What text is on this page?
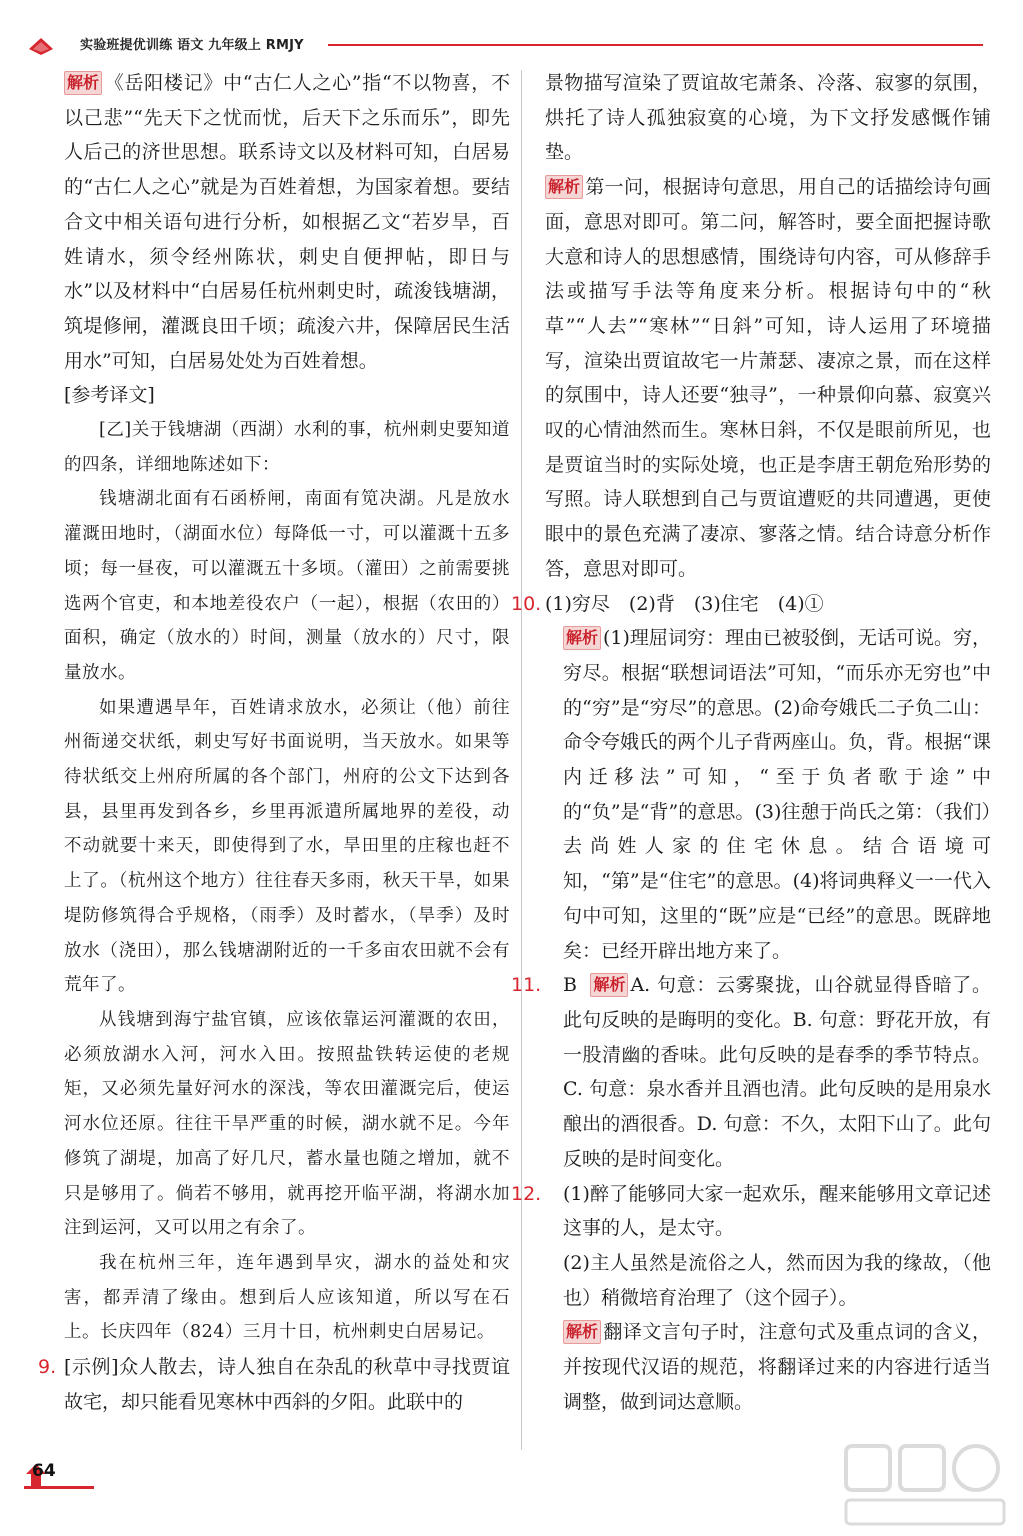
实验班提优训练 语文 九年级上 RMJY

解析 《岳阳楼记》中“古仁人之心”指“不以物喜，不以己悲”“先天下之忧而忧，后天下之乐而乐”，即先人后己的济世思想。联系诗文以及材料可知，白居易的“古仁人之心”就是为百姓着想，为国家着想。要结合文中相关语句进行分析，如根据乙文“若岁旱，百姓请水，须令经州陈状，刺史自便押帖，即日与水”以及材料中“白居易任杭州刺史时，疏浚钱塘湖，筑堤修闸，灌溉良田千顷；疏浚六井，保障居民生活用水”可知，白居易处处为百姓着想。

[参考译文]

[乙]关于钱塘湖（西湖）水利的事，杭州刺史要知道的四条，详细地陈述如下：

钱塘湖北面有石函桥闸，南面有笕决湖。凡是放水灌溉田地时，（湖面水位）每降低一寸，可以灌溉十五多顷；每一昼夜，可以灌溉五十多顷。（灌田）之前需要挑选两个官吏，和本地差役农户（一起），根据（农田的）面积，确定（放水的）时间，测量（放水的）尺寸，限量放水。

如果遭遇旱年，百姓请求放水，必须让（他）前往州衙递交状纸，刺史写好书面说明，当天放水。如果等待状纸交上州府所属的各个部门，州府的公文下达到各县，县里再发到各乡，乡里再派遣所属地界的差役，动不动就要十来天，即使得到了水，旱田里的庄稼也赶不上了。（杭州这个地方）往往春天多雨，秋天干旱，如果堤防修筑得合乎规格，（雨季）及时蓄水，（旱季）及时放水（浇田），那么钱塘湖附近的一千多亩农田就不会有荒年了。

从钱塘到海宁盐官镇，应该依靠运河灌溉的农田，必须放湖水入河，河水入田。按照盐铁转运使的老规矩，又必须先量好河水的深浅，等农田灌溉完后，使运河水位还原。往往干旱严重的时候，湖水就不足。今年修筑了湖堤，加高了好几尺，蓄水量也随之增加，就不只是够用了。倘若不够用，就再挖开临平湖，将湖水加注到运河，又可以用之有余了。

我在杭州三年，连年遇到旱灾，湖水的益处和灾害，都弄清了缘由。想到后人应该知道，所以写在石上。长庆四年（824）三月十日，杭州刺史白居易记。

9. [示例]众人散去，诗人独自在杂乱的秋草中寻找贾谊故宅，却只能看见寒林中西斜的夕阳。此联中的

景物描写渲染了贾谊故宅萧条、冷落、寂寥的氛围，烘托了诗人孤独寂寞的心境，为下文抒发感慨作铺垫。

解析 第一问，根据诗句意思，用自己的话描绘诗句画面，意思对即可。第二问，解答时，要全面把握诗歌大意和诗人的思想感情，围绕诗句内容，可从修辞手法或描写手法等角度来分析。根据诗句中的“秋草”“人去”“寒林”“日斜”可知，诗人运用了环境描写，渲染出贾谊故宅一片萧瑟、凄凉之景，而在这样的氛围中，诗人还要“独寻”，一种景仰向慕、寂寞兴叹的心情油然而生。寒林日斜，不仅是眼前所见，也是贾谊当时的实际处境，也正是李唐王朝危殆形势的写照。诗人联想到自己与贾谊遭贬的共同遭遇，更使眼中的景色充满了凄凉、寥落之情。结合诗意分析作答，意思对即可。

10. (1)穷尽　(2)背　(3)住宅　(4)①

解析 (1)理屈词穷：理由已被驳倒，无话可说。穷，穷尽。根据“联想词语法”可知，“而乐亦无穷也”中的“穷”是“穷尽”的意思。(2)命夸娥氏二子负二山：命令夸娥氏的两个儿子背两座山。负，背。根据“课内迁移法”可知，“至于负者歌于途”中的“负”是“背”的意思。(3)往憩于尚氏之第：（我们）去尚姓人家的住宅休息。结合语境可知，“第”是“住宅”的意思。(4)将词典释义一一代入句中可知，这里的“既”应是“已经”的意思。既辟地矣：已经开辟出地方来了。

11.	B 解析 A. 句意：云雾聚拢，山谷就显得昏暗了。此句反映的是晦明的变化。B. 句意：野花开放，有一股清幽的香味。此句反映的是春季的季节特点。C. 句意：泉水香并且酒也清。此句反映的是用泉水酿出的酒很香。D. 句意：不久，太阳下山了。此句反映的是时间变化。

12.	(1)醉了能够同大家一起欢乐，醒来能够用文章记述这事的人，是太守。

(2)主人虽然是流俗之人，然而因为我的缘故，（他也）稍微培育治理了（这个园子）。

解析 翻译文言句子时，注意句式及重点词的含义，并按现代汉语的规范，将翻译过来的内容进行适当调整，做到词达意顺。

64
